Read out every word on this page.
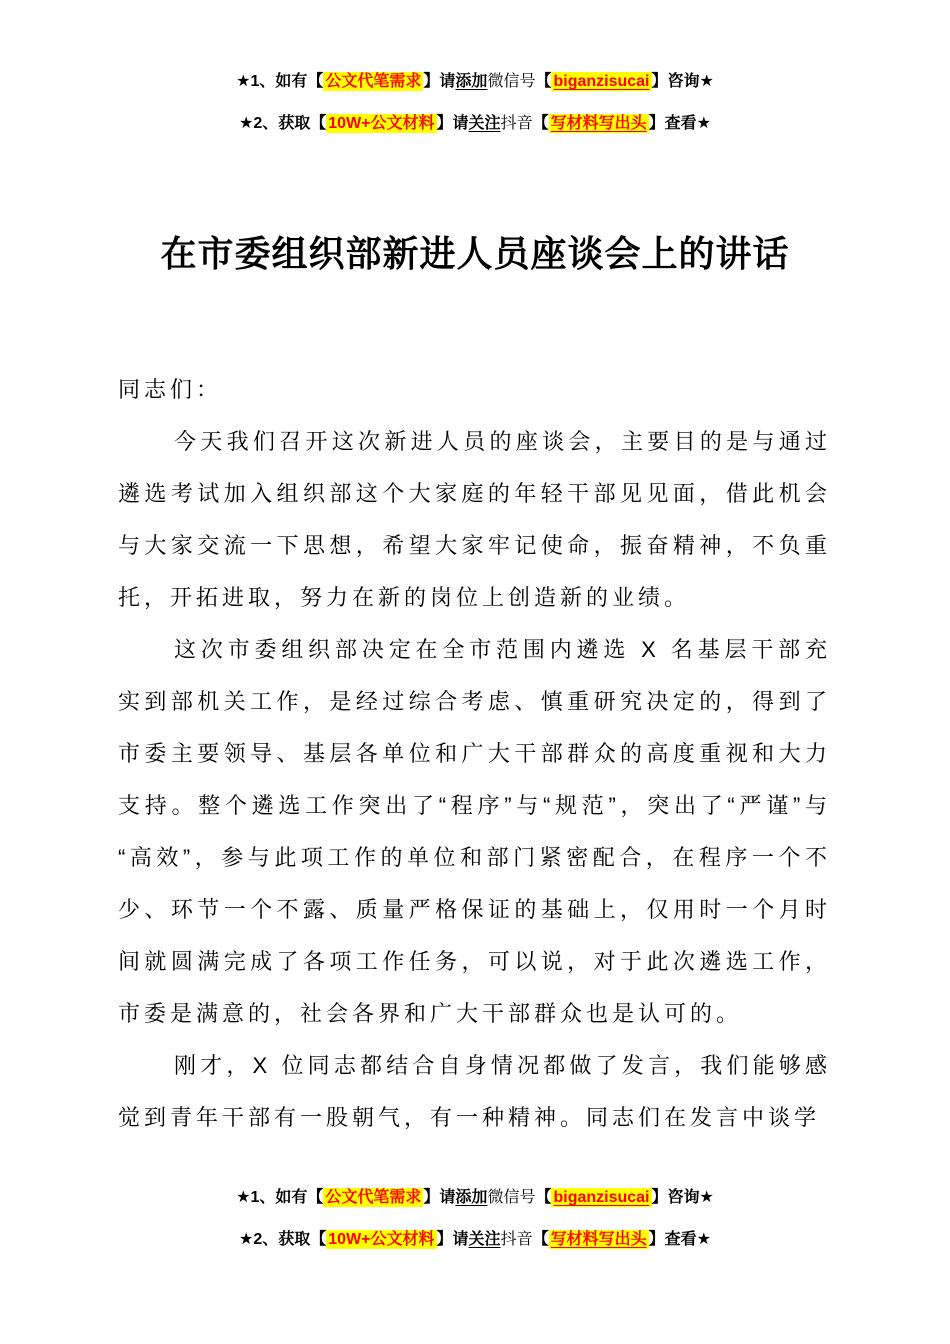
★1、如有【 公文代笔需求 】请添加微信号【 biganzisucai 】咨询★
★2、获取【 10W+公文材料 】请关注抖音【 写材料写出头 】查看★
在市委组织部新进人员座谈会上的讲话

同志们：

今天我们召开这次新进人员的座谈会，主要目的是与通过遴选考试加入组织部这个大家庭的年轻干部见见面，借此机会与大家交流一下思想，希望大家牢记使命，振奋精神，不负重托，开拓进取，努力在新的岗位上创造新的业绩。

这次市委组织部决定在全市范围内遴选 X 名基层干部充实到部机关工作，是经过综合考虑、慎重研究决定的，得到了市委主要领导、基层各单位和广大干部群众的高度重视和大力支持。整个遴选工作突出了“程序”与“规范”，突出了“严谨”与“高效”，参与此项工作的单位和部门紧密配合，在程序一个不少、环节一个不露、质量严格保证的基础上，仅用时一个月时间就圆满完成了各项工作任务，可以说，对于此次遴选工作，市委是满意的，社会各界和广大干部群众也是认可的。

刚才，X 位同志都结合自身情况都做了发言，我们能够感觉到青年干部有一股朝气，有一种精神。同志们在发言中谈学

★1、如有【 公文代笔需求 】请添加微信号【 biganzisucai 】咨询★
★2、获取【 10W+公文材料 】请关注抖音【 写材料写出头 】查看★
